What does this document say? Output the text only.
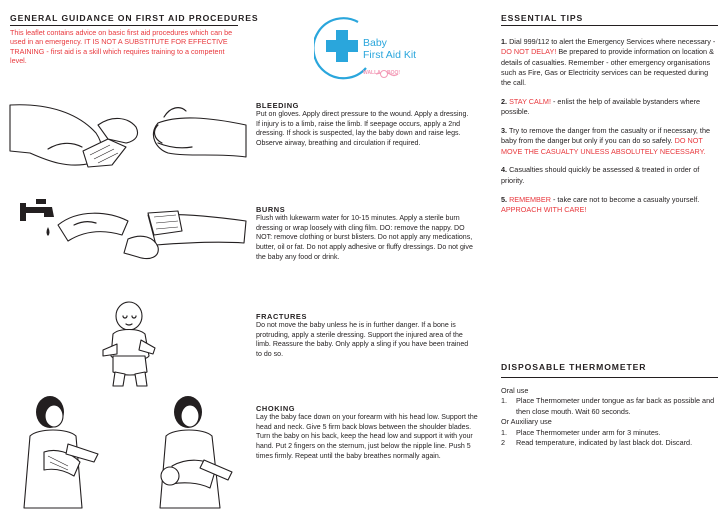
GENERAL GUIDANCE ON FIRST AID PROCEDURES
This leaflet contains advice on basic first aid procedures which can be used in an emergency. IT IS NOT A SUBSTITUTE FOR EFFECTIVE TRAINING - first aid is a skill which requires training to a competent level.
Baby
First Aid Kit
WALLA BOO!
BLEEDING
Put on gloves. Apply direct pressure to the wound. Apply a dressing. If injury is to a limb, raise the limb. If seepage occurs, apply a 2nd dressing. If shock is suspected, lay the baby down and raise legs. Observe airway, breathing and circulation if required.
BURNS
Flush with lukewarm water for 10-15 minutes. Apply a sterile burn dressing or wrap loosely with cling film. DO: remove the nappy. DO NOT: remove clothing or burst blisters. Do not apply any medications, butter, oil or fat. Do not apply adhesive or fluffy dressings. Do not give the baby any food or drink.
FRACTURES
Do not move the baby unless he is in further danger. If a bone is protruding, apply a sterile dressing. Support the injured area of the limb. Reassure the baby. Only apply a sling if you have been trained to do so.
CHOKING
Lay the baby face down on your forearm with his head low. Support the head and neck. Give 5 firm back blows between the shoulder blades. Turn the baby on his back, keep the head low and support it with your hand. Put 2 fingers on the sternum, just below the nipple line. Push 5 times firmly. Repeat until the baby breathes normally again.
ESSENTIAL TIPS

1. Dial 999/112 to alert the Emergency Services where necessary - DO NOT DELAY! Be prepared to provide information on location & details of casualties. Remember - other emergency organisations such as Fire, Gas or Electricity services can be requested during the call.

2. STAY CALM! - enlist the help of available bystanders where possible.

3. Try to remove the danger from the casualty or if necessary, the baby from the danger but only if you can do so safely. DO NOT MOVE THE CASUALTY UNLESS ABSOLUTELY NECESSARY.

4. Casualties should quickly be assessed & treated in order of priority.

5. REMEMBER - take care not to become a casualty yourself. APPROACH WITH CARE!

DISPOSABLE THERMOMETER

Oral use

1.	Place Thermometer under tongue as far back as possible and then close mouth. Wait 60 seconds.

Or Auxiliary use

1.	Place Thermometer under arm for 3 minutes.

2	Read temperature, indicated by last black dot. Discard.
